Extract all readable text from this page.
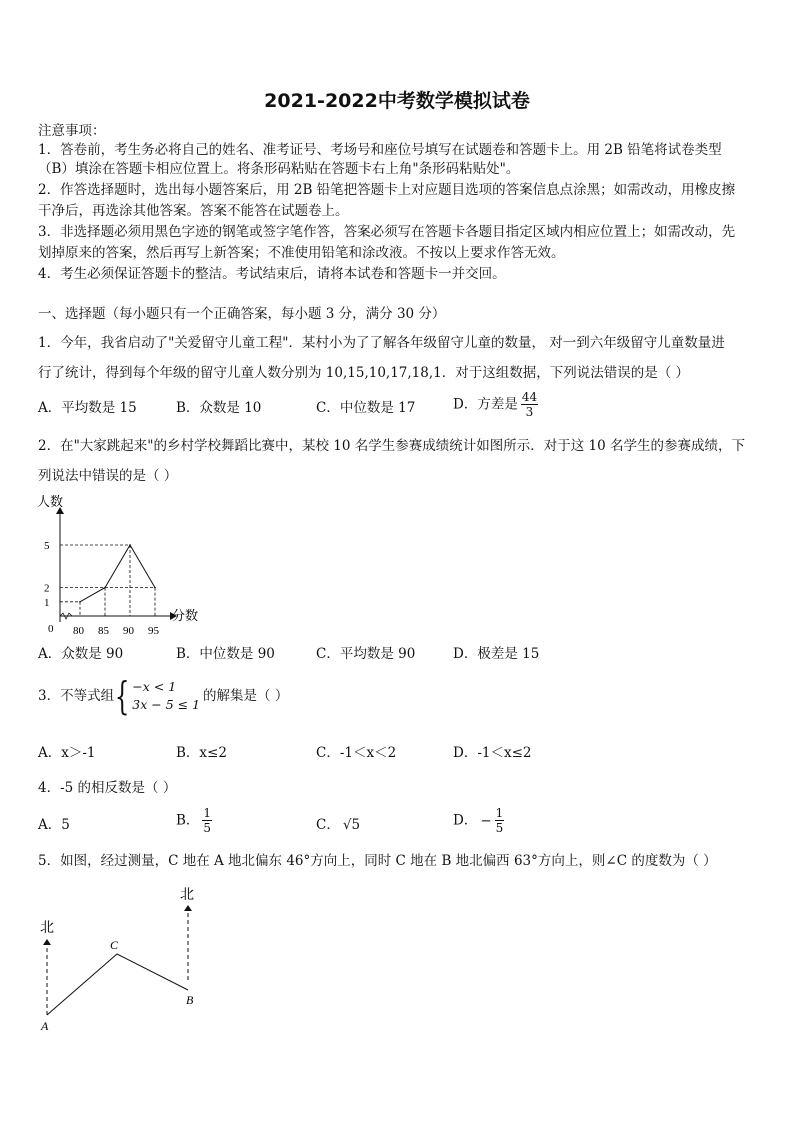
2021-2022中考数学模拟试卷
注意事项：
1．答卷前，考生务必将自己的姓名、准考证号、考场号和座位号填写在试题卷和答题卡上。用 2B 铅笔将试卷类型
（B）填涂在答题卡相应位置上。将条形码粘贴在答题卡右上角"条形码粘贴处"。
2．作答选择题时，选出每小题答案后，用 2B 铅笔把答题卡上对应题目选项的答案信息点涂黑；如需改动，用橡皮擦
干净后，再选涂其他答案。答案不能答在试题卷上。
3．非选择题必须用黑色字迹的钢笔或签字笔作答，答案必须写在答题卡各题目指定区域内相应位置上；如需改动，先
划掉原来的答案，然后再写上新答案；不准使用铅笔和涂改液。不按以上要求作答无效。
4．考生必须保证答题卡的整洁。考试结束后，请将本试卷和答题卡一并交回。
一、选择题（每小题只有一个正确答案，每小题 3 分，满分 30 分）
1．今年，我省启动了"关爱留守儿童工程"．某村小为了了解各年级留守儿童的数量， 对一到六年级留守儿童数量进
行了统计，得到每个年级的留守儿童人数分别为 10,15,10,17,18,1．对于这组数据，下列说法错误的是（ ）
A．平均数是 15	B．众数是 10	C．中位数是 17	D．方差是 $\frac{44}{3}$
2．在"大家跳起来"的乡村学校舞蹈比赛中，某校 10 名学生参赛成绩统计如图所示．对于这 10 名学生的参赛成绩，下
列说法中错误的是（ ）
人数
分数
0 80 85 90 95
1
2
5
A．众数是 90	B．中位数是 90	C．平均数是 90	D．极差是 15
3．不等式组{ −x < 1
3x − 5 ≤ 1
的解集是（ ）
A．x＞-1	B．x≤2	C．-1＜x＜2	D．-1＜x≤2
4．-5 的相反数是（ ）
A．5	B． $\frac{1}{5}$	C． √5	D． − $\frac{1}{5}$
5．如图，经过测量，C 地在 A 地北偏东 46°方向上，同时 C 地在 B 地北偏西 63°方向上，则∠C 的度数为（ ）
北
北
A
C
B
